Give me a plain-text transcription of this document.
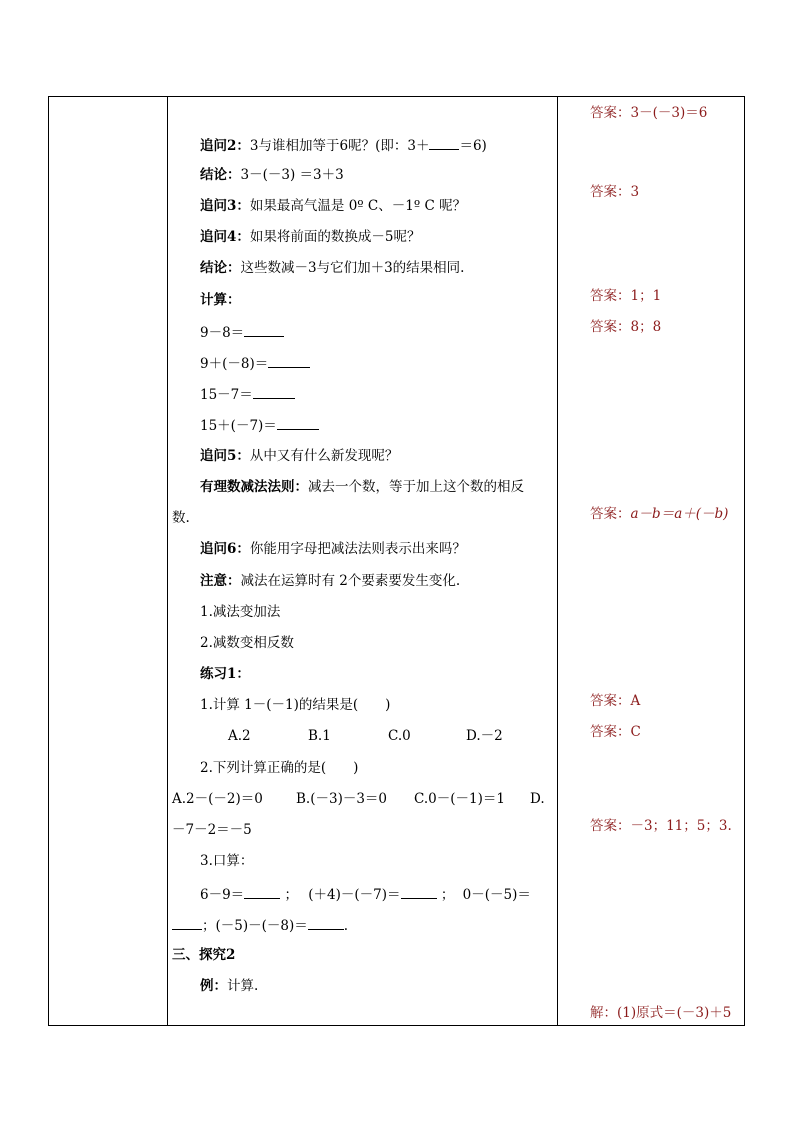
追问2：3与谁相加等于6呢？(即：3＋ ＝6)
结论：3－(－3) ＝3＋3
追问3：如果最高气温是 0º C、－1º C 呢？
追问4：如果将前面的数换成－5呢？
结论：这些数减－3与它们加＋3的结果相同.
计算：
9－8＝
9＋(－8)＝
15－7＝
15＋(－7)＝
追问5：从中又有什么新发现呢？
有理数减法法则：减去一个数，等于加上这个数的相反
数.
追问6：你能用字母把减法法则表示出来吗？
注意：减法在运算时有 2个要素要发生变化.
1.减法变加法
2.减数变相反数
练习1：
1.计算 1－(－1)的结果是(　　)
A.2	B.1	C.0	D.－2
2.下列计算正确的是(　　)
A.2－(－2)＝0 B.(－3)－3＝0 C.0－(－1)＝1 D.
－7－2＝－5
3.口算：
6－9＝	； (＋4)－(－7)＝	； 0－(－5)＝
；(－5)－(－8)＝	.
三、探究2
例：计算.
答案：3－(－3)＝6
答案：3
答案：1；1
答案：8；8
答案：a－b＝a＋(－b)
答案：A
答案：C
答案：－3；11；5；3.
解：(1)原式＝(－3)＋5
